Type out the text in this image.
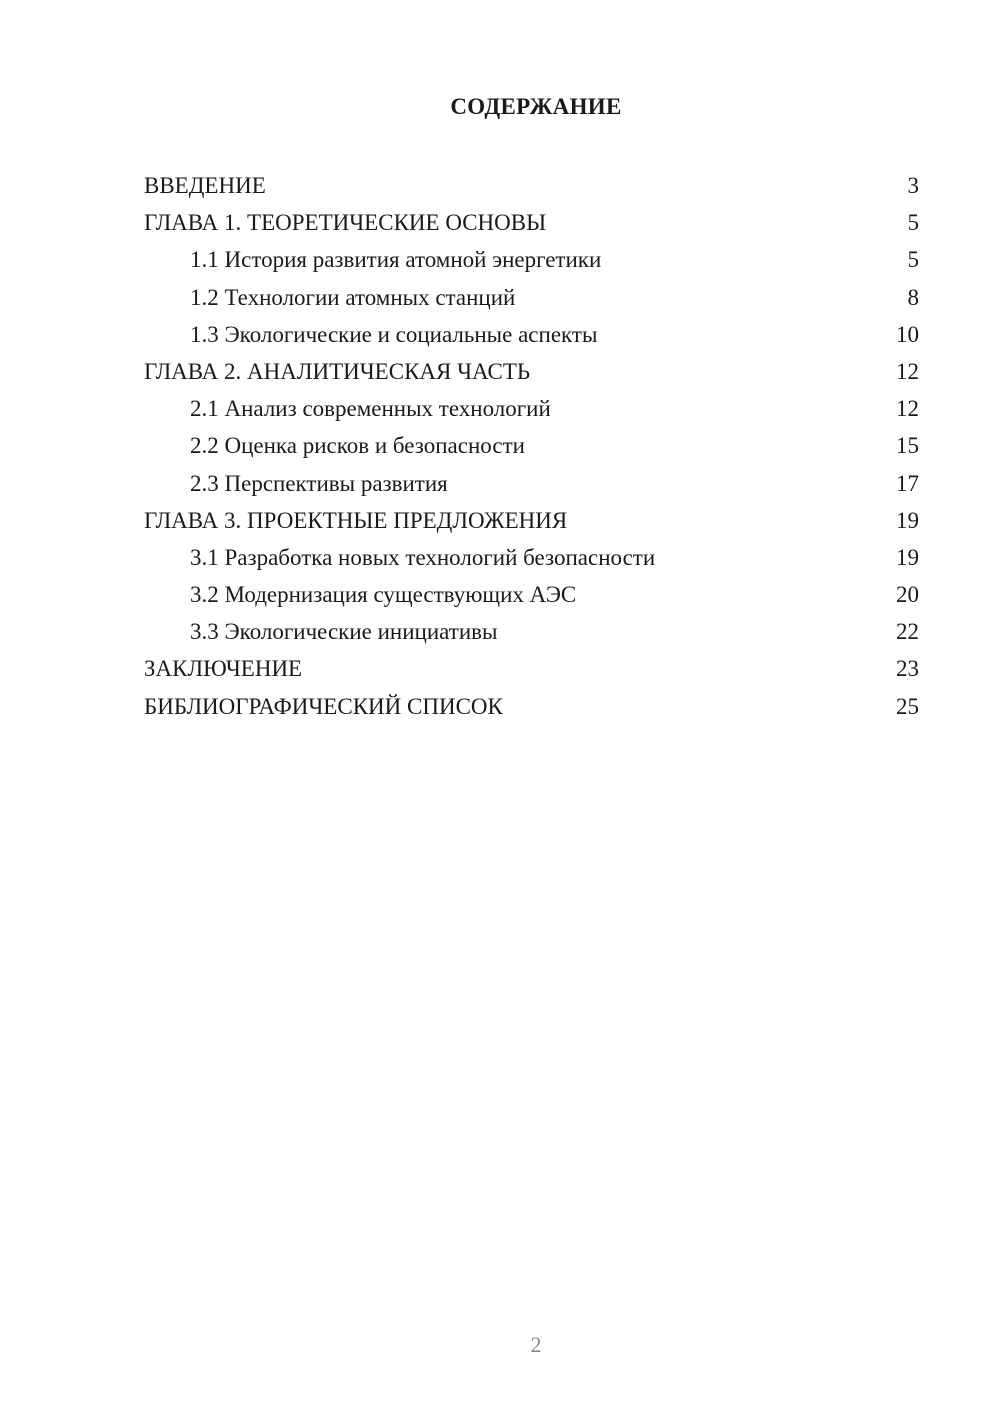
СОДЕРЖАНИЕ
ВВЕДЕНИЕ	3
ГЛАВА 1. ТЕОРЕТИЧЕСКИЕ ОСНОВЫ	5
1.1 История развития атомной энергетики	5
1.2 Технологии атомных станций	8
1.3 Экологические и социальные аспекты	10
ГЛАВА 2. АНАЛИТИЧЕСКАЯ ЧАСТЬ	12
2.1 Анализ современных технологий	12
2.2 Оценка рисков и безопасности	15
2.3 Перспективы развития	17
ГЛАВА 3. ПРОЕКТНЫЕ ПРЕДЛОЖЕНИЯ	19
3.1 Разработка новых технологий безопасности	19
3.2 Модернизация существующих АЭС	20
3.3 Экологические инициативы	22
ЗАКЛЮЧЕНИЕ	23
БИБЛИОГРАФИЧЕСКИЙ СПИСОК	25
2
